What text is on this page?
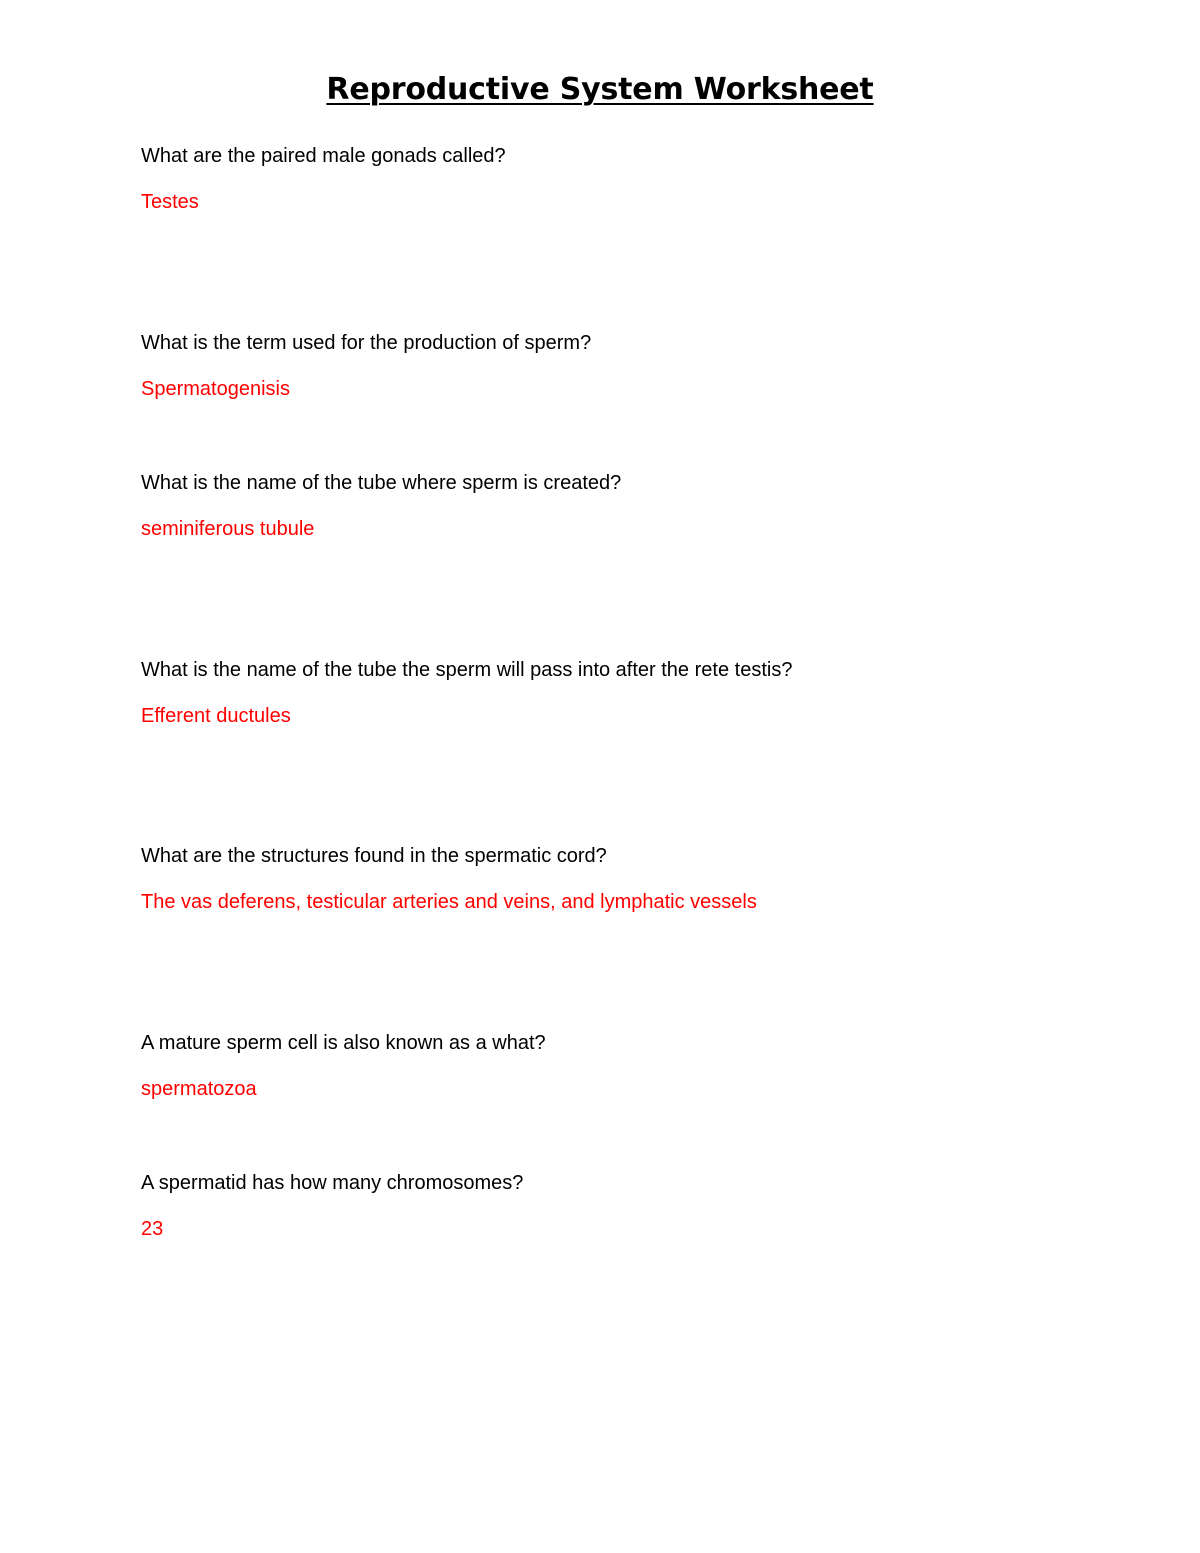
Reproductive System Worksheet

What are the paired male gonads called?

Testes

What is the term used for the production of sperm?

Spermatogenisis

What is the name of the tube where sperm is created?

seminiferous tubule

What is the name of the tube the sperm will pass into after the rete testis?

Efferent ductules

What are the structures found in the spermatic cord?

The vas deferens, testicular arteries and veins, and lymphatic vessels

A mature sperm cell is also known as a what?

spermatozoa

A spermatid has how many chromosomes?

23
